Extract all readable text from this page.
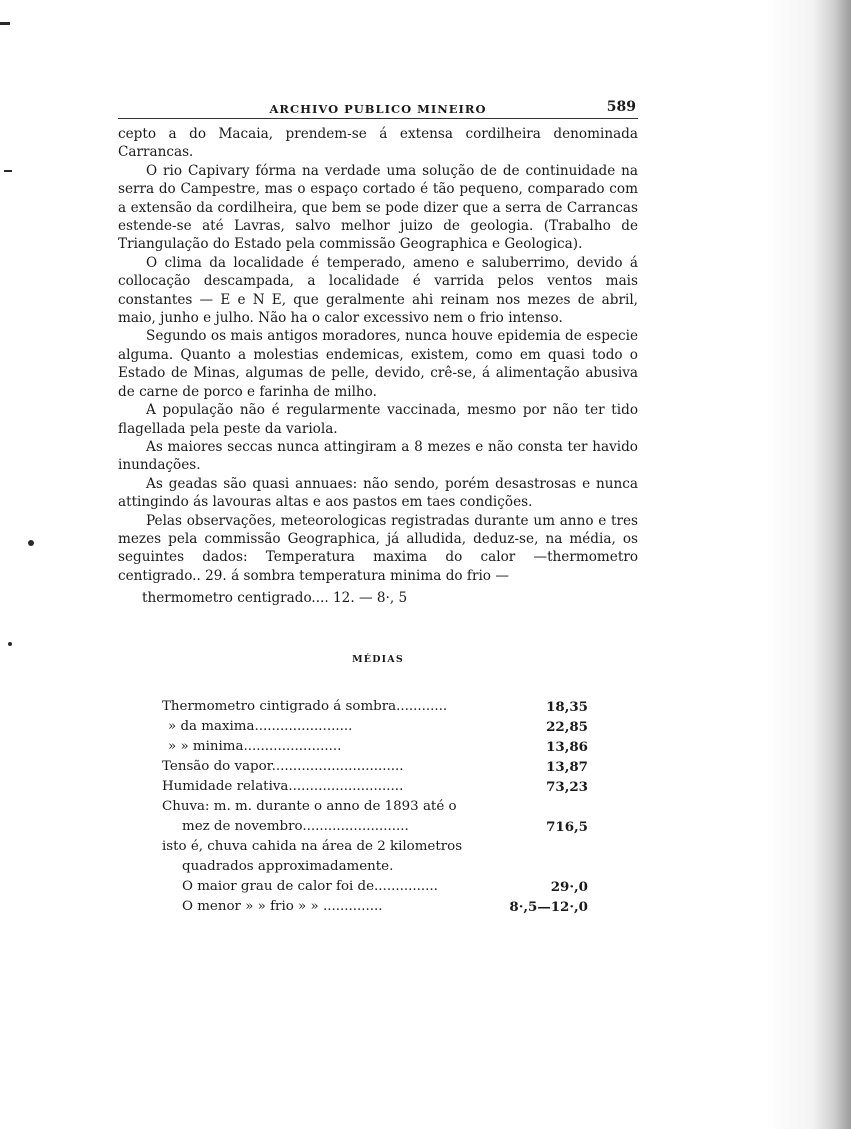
ARCHIVO PUBLICO MINEIRO	589

cepto a do Macaia, prendem-se á extensa cordilheira denominada Carrancas.

O rio Capivary fórma na verdade uma solução de de continuidade na serra do Campestre, mas o espaço cortado é tão pequeno, comparado com a extensão da cordilheira, que bem se pode dizer que a serra de Carrancas estende-se até Lavras, salvo melhor juizo de geologia. (Trabalho de Triangulação do Estado pela commissão Geographica e Geologica).

O clima da localidade é temperado, ameno e saluberrimo, devido á collocação descampada, a localidade é varrida pelos ventos mais constantes — E e N E, que geralmente ahi reinam nos mezes de abril, maio, junho e julho. Não ha o calor excessivo nem o frio intenso.

Segundo os mais antigos moradores, nunca houve epidemia de especie alguma. Quanto a molestias endemicas, existem, como em quasi todo o Estado de Minas, algumas de pelle, devido, crê-se, á alimentação abusiva de carne de porco e farinha de milho.

A população não é regularmente vaccinada, mesmo por não ter tido flagellada pela peste da variola.

As maiores seccas nunca attingiram a 8 mezes e não consta ter havido inundações.

As geadas são quasi annuaes: não sendo, porém desastrosas e nunca attingindo ás lavouras altas e aos pastos em taes condições.

Pelas observações, meteorologicas registradas durante um anno e tres mezes pela commissão Geographica, já alludida, deduz-se, na média, os seguintes dados: Temperatura maxima do calor —thermometro centigrado.. 29. á sombra temperatura minima do frio —

thermometro centigrado.... 12. — 8·, 5

MÉDIAS
Thermometro cintigrado á sombra............	18,35
» da maxima.......................	22,85
» » minima.......................	13,86
Tensão do vapor...............................	13,87
Humidade relativa...........................	73,23
Chuva: m. m. durante o anno de 1893 até o
mez de novembro.........................	716,5
isto é, chuva cahida na área de 2 kilometros
quadrados approximadamente.
O maior grau de calor foi de...............	29·,0
O menor » » frio » » ..............	8·,5—12·,0
